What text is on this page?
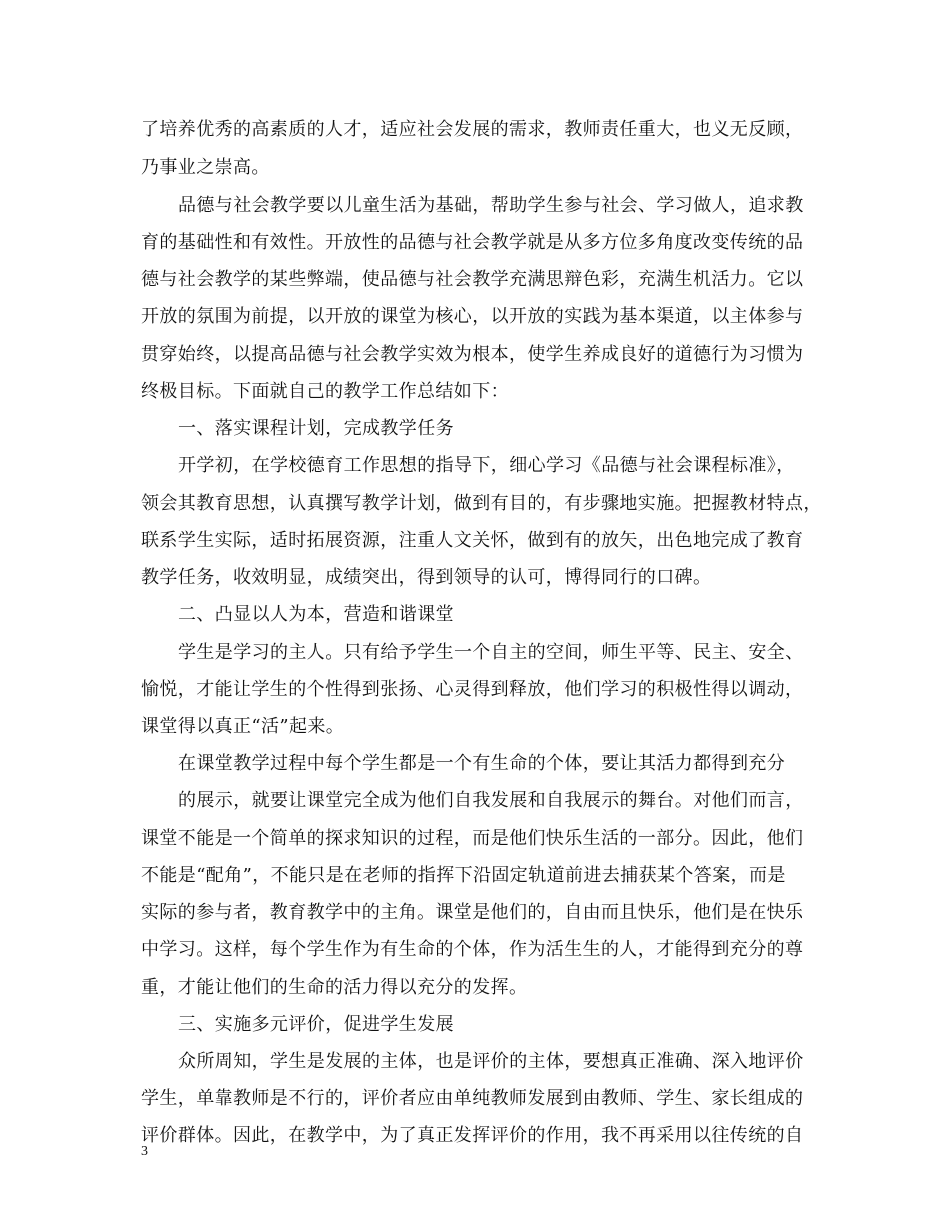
了培养优秀的高素质的人才，适应社会发展的需求，教师责任重大，也义无反顾，
乃事业之崇高。
品德与社会教学要以儿童生活为基础，帮助学生参与社会、学习做人，追求教
育的基础性和有效性。开放性的品德与社会教学就是从多方位多角度改变传统的品
德与社会教学的某些弊端，使品德与社会教学充满思辩色彩，充满生机活力。它以
开放的氛围为前提，以开放的课堂为核心，以开放的实践为基本渠道，以主体参与
贯穿始终，以提高品德与社会教学实效为根本，使学生养成良好的道德行为习惯为
终极目标。下面就自己的教学工作总结如下：
一、落实课程计划，完成教学任务
开学初，在学校德育工作思想的指导下，细心学习《品德与社会课程标准》，
领会其教育思想，认真撰写教学计划，做到有目的，有步骤地实施。把握教材特点，
联系学生实际，适时拓展资源，注重人文关怀，做到有的放矢，出色地完成了教育
教学任务，收效明显，成绩突出，得到领导的认可，博得同行的口碑。
二、凸显以人为本，营造和谐课堂
学生是学习的主人。只有给予学生一个自主的空间，师生平等、民主、安全、
愉悦，才能让学生的个性得到张扬、心灵得到释放，他们学习的积极性得以调动，
课堂得以真正“活”起来。
在课堂教学过程中每个学生都是一个有生命的个体，要让其活力都得到充分
的展示，就要让课堂完全成为他们自我发展和自我展示的舞台。对他们而言，
课堂不能是一个简单的探求知识的过程，而是他们快乐生活的一部分。因此，他们
不能是“配角”，不能只是在老师的指挥下沿固定轨道前进去捕获某个答案，而是
实际的参与者，教育教学中的主角。课堂是他们的，自由而且快乐，他们是在快乐
中学习。这样，每个学生作为有生命的个体，作为活生生的人，才能得到充分的尊
重，才能让他们的生命的活力得以充分的发挥。
三、实施多元评价，促进学生发展
众所周知，学生是发展的主体，也是评价的主体，要想真正准确、深入地评价
学生，单靠教师是不行的，评价者应由单纯教师发展到由教师、学生、家长组成的
评价群体。因此，在教学中，为了真正发挥评价的作用，我不再采用以往传统的自
3
